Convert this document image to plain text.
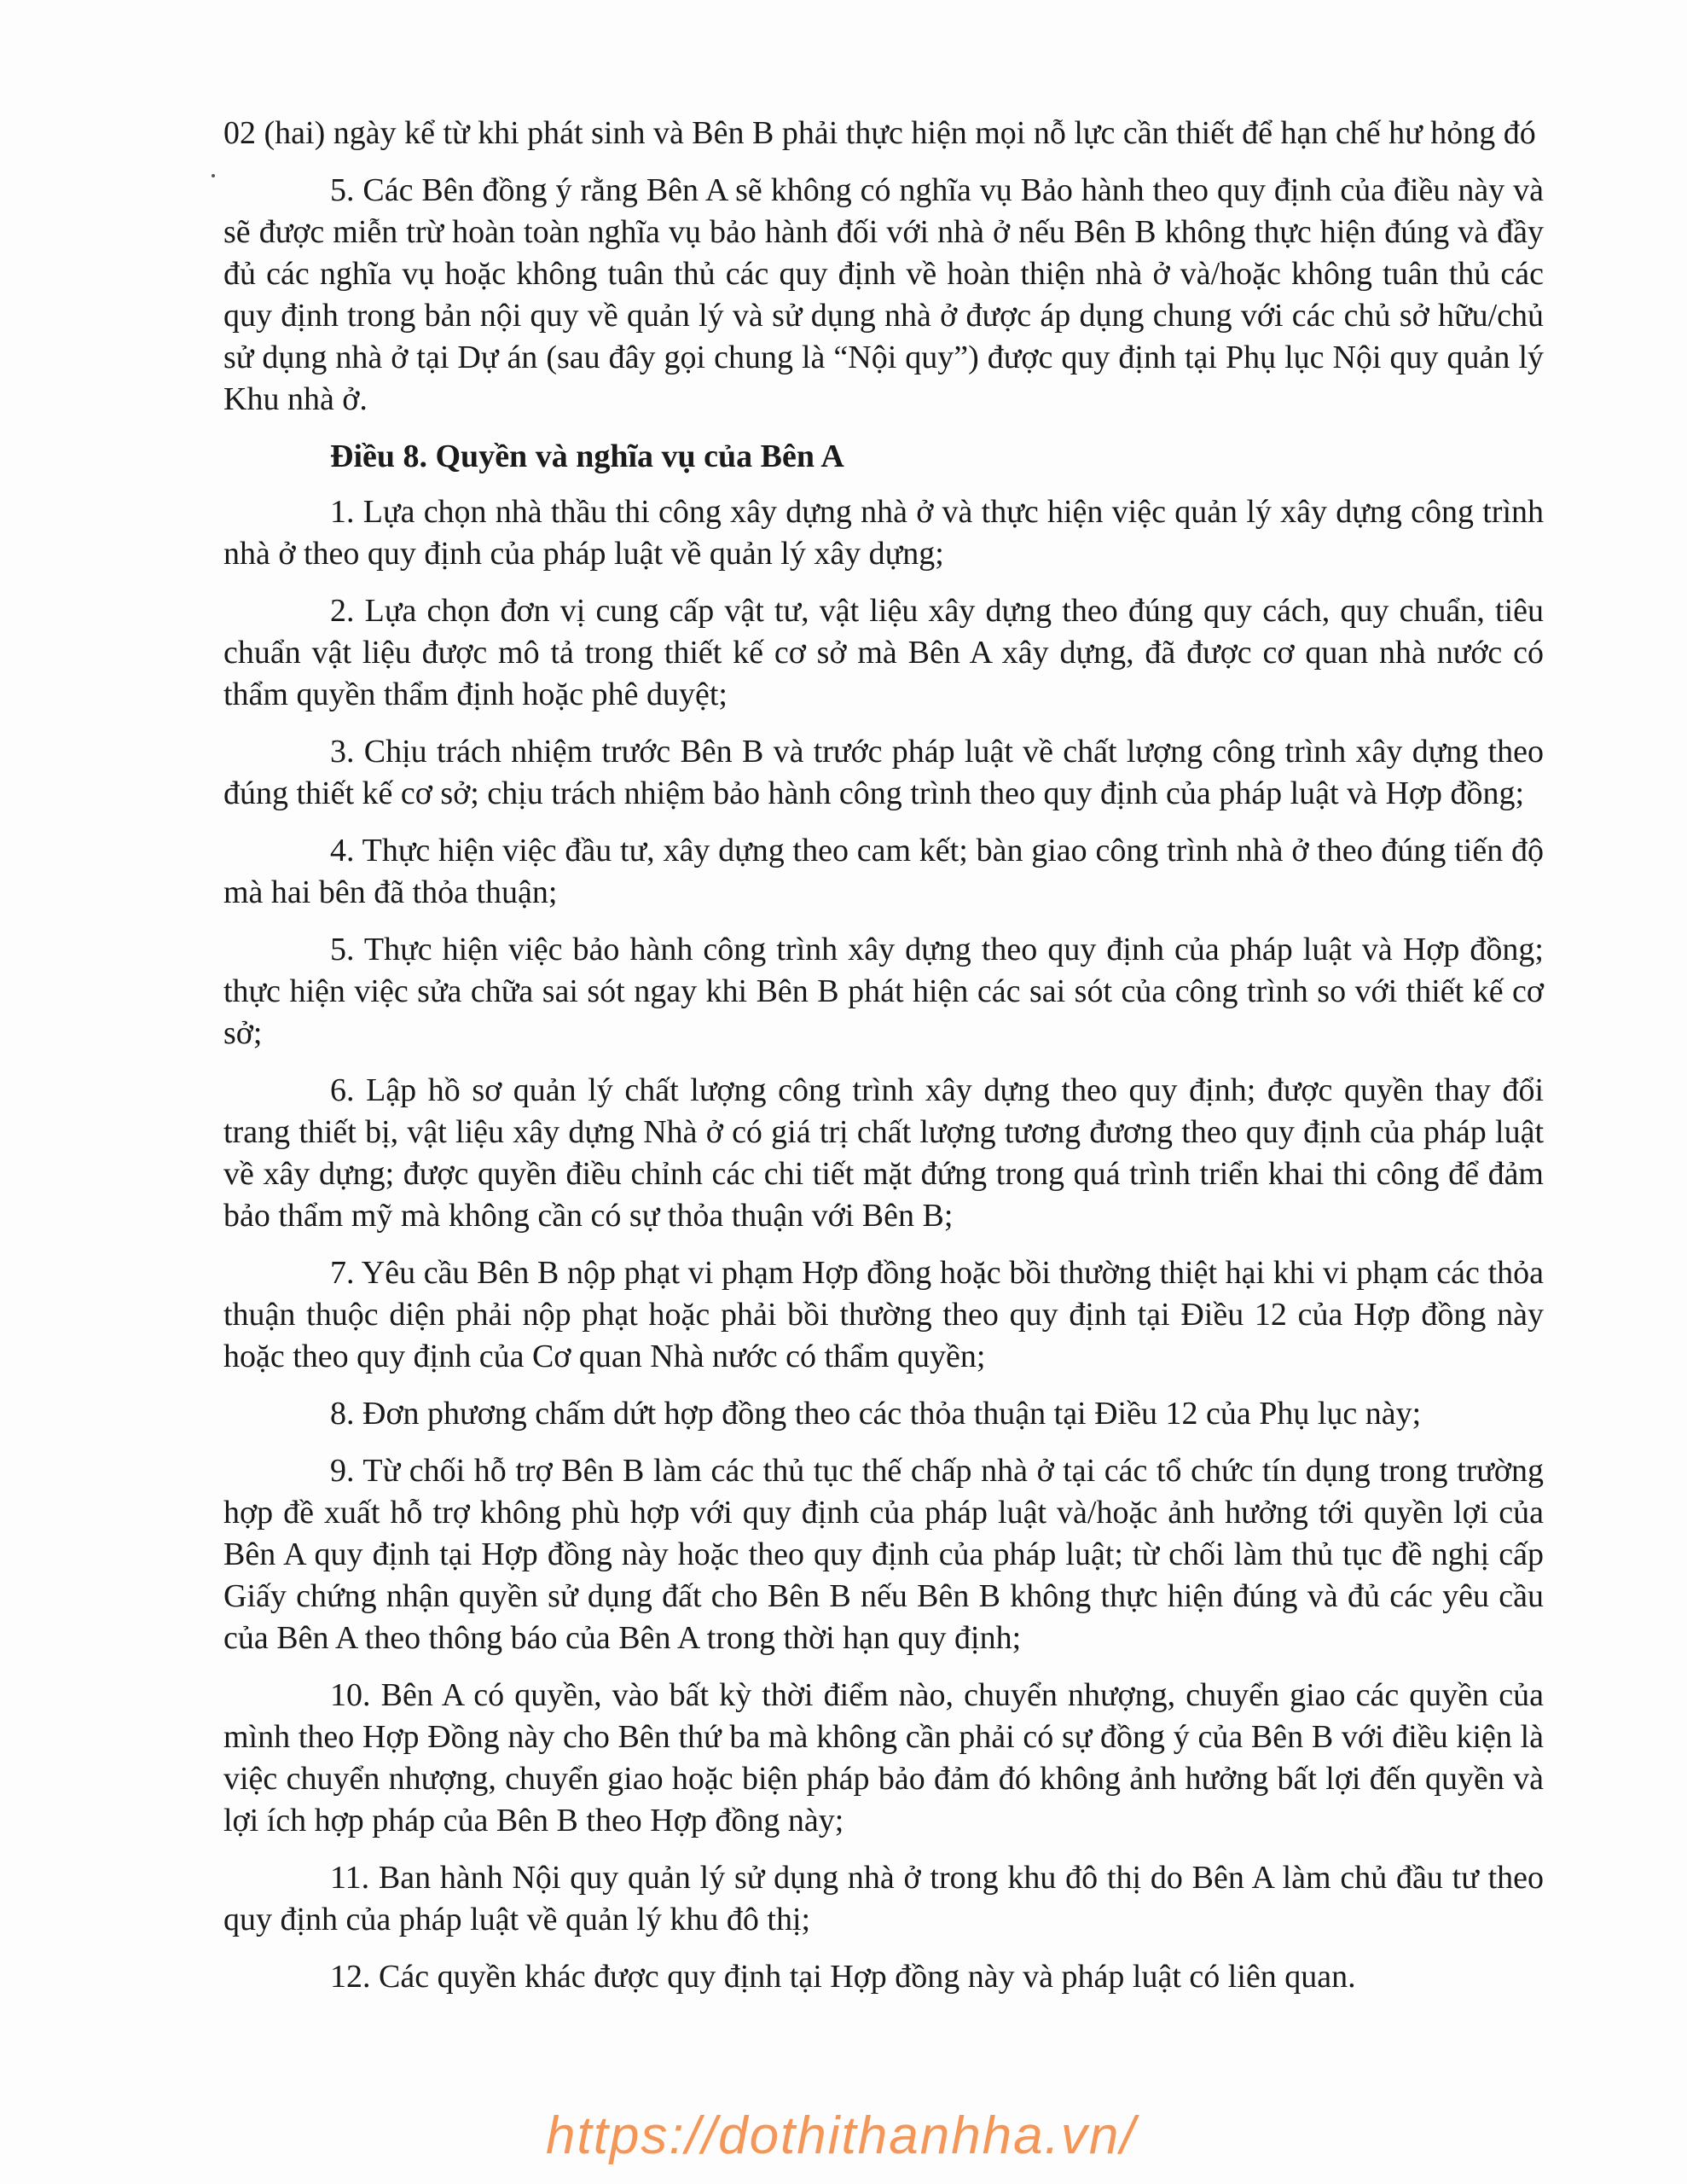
02 (hai) ngày kể từ khi phát sinh và Bên B phải thực hiện mọi nỗ lực cần thiết để hạn chế hư hỏng đó

5. Các Bên đồng ý rằng Bên A sẽ không có nghĩa vụ Bảo hành theo quy định của điều này và sẽ được miễn trừ hoàn toàn nghĩa vụ bảo hành đối với nhà ở nếu Bên B không thực hiện đúng và đầy đủ các nghĩa vụ hoặc không tuân thủ các quy định về hoàn thiện nhà ở và/hoặc không tuân thủ các quy định trong bản nội quy về quản lý và sử dụng nhà ở được áp dụng chung với các chủ sở hữu/chủ sử dụng nhà ở tại Dự án (sau đây gọi chung là “Nội quy”) được quy định tại Phụ lục Nội quy quản lý Khu nhà ở.

Điều 8. Quyền và nghĩa vụ của Bên A

1. Lựa chọn nhà thầu thi công xây dựng nhà ở và thực hiện việc quản lý xây dựng công trình nhà ở theo quy định của pháp luật về quản lý xây dựng;

2. Lựa chọn đơn vị cung cấp vật tư, vật liệu xây dựng theo đúng quy cách, quy chuẩn, tiêu chuẩn vật liệu được mô tả trong thiết kế cơ sở mà Bên A xây dựng, đã được cơ quan nhà nước có thẩm quyền thẩm định hoặc phê duyệt;

3. Chịu trách nhiệm trước Bên B và trước pháp luật về chất lượng công trình xây dựng theo đúng thiết kế cơ sở; chịu trách nhiệm bảo hành công trình theo quy định của pháp luật và Hợp đồng;

4. Thực hiện việc đầu tư, xây dựng theo cam kết; bàn giao công trình nhà ở theo đúng tiến độ mà hai bên đã thỏa thuận;

5. Thực hiện việc bảo hành công trình xây dựng theo quy định của pháp luật và Hợp đồng; thực hiện việc sửa chữa sai sót ngay khi Bên B phát hiện các sai sót của công trình so với thiết kế cơ sở;

6. Lập hồ sơ quản lý chất lượng công trình xây dựng theo quy định; được quyền thay đổi trang thiết bị, vật liệu xây dựng Nhà ở có giá trị chất lượng tương đương theo quy định của pháp luật về xây dựng; được quyền điều chỉnh các chi tiết mặt đứng trong quá trình triển khai thi công để đảm bảo thẩm mỹ mà không cần có sự thỏa thuận với Bên B;

7. Yêu cầu Bên B nộp phạt vi phạm Hợp đồng hoặc bồi thường thiệt hại khi vi phạm các thỏa thuận thuộc diện phải nộp phạt hoặc phải bồi thường theo quy định tại Điều 12 của Hợp đồng này hoặc theo quy định của Cơ quan Nhà nước có thẩm quyền;

8. Đơn phương chấm dứt hợp đồng theo các thỏa thuận tại Điều 12 của Phụ lục này;

9. Từ chối hỗ trợ Bên B làm các thủ tục thế chấp nhà ở tại các tổ chức tín dụng trong trường hợp đề xuất hỗ trợ không phù hợp với quy định của pháp luật và/hoặc ảnh hưởng tới quyền lợi của Bên A quy định tại Hợp đồng này hoặc theo quy định của pháp luật; từ chối làm thủ tục đề nghị cấp Giấy chứng nhận quyền sử dụng đất cho Bên B nếu Bên B không thực hiện đúng và đủ các yêu cầu của Bên A theo thông báo của Bên A trong thời hạn quy định;

10. Bên A có quyền, vào bất kỳ thời điểm nào, chuyển nhượng, chuyển giao các quyền của mình theo Hợp Đồng này cho Bên thứ ba mà không cần phải có sự đồng ý của Bên B với điều kiện là việc chuyển nhượng, chuyển giao hoặc biện pháp bảo đảm đó không ảnh hưởng bất lợi đến quyền và lợi ích hợp pháp của Bên B theo Hợp đồng này;

11. Ban hành Nội quy quản lý sử dụng nhà ở trong khu đô thị do Bên A làm chủ đầu tư theo quy định của pháp luật về quản lý khu đô thị;

12. Các quyền khác được quy định tại Hợp đồng này và pháp luật có liên quan.

https://dothithanhha.vn/
